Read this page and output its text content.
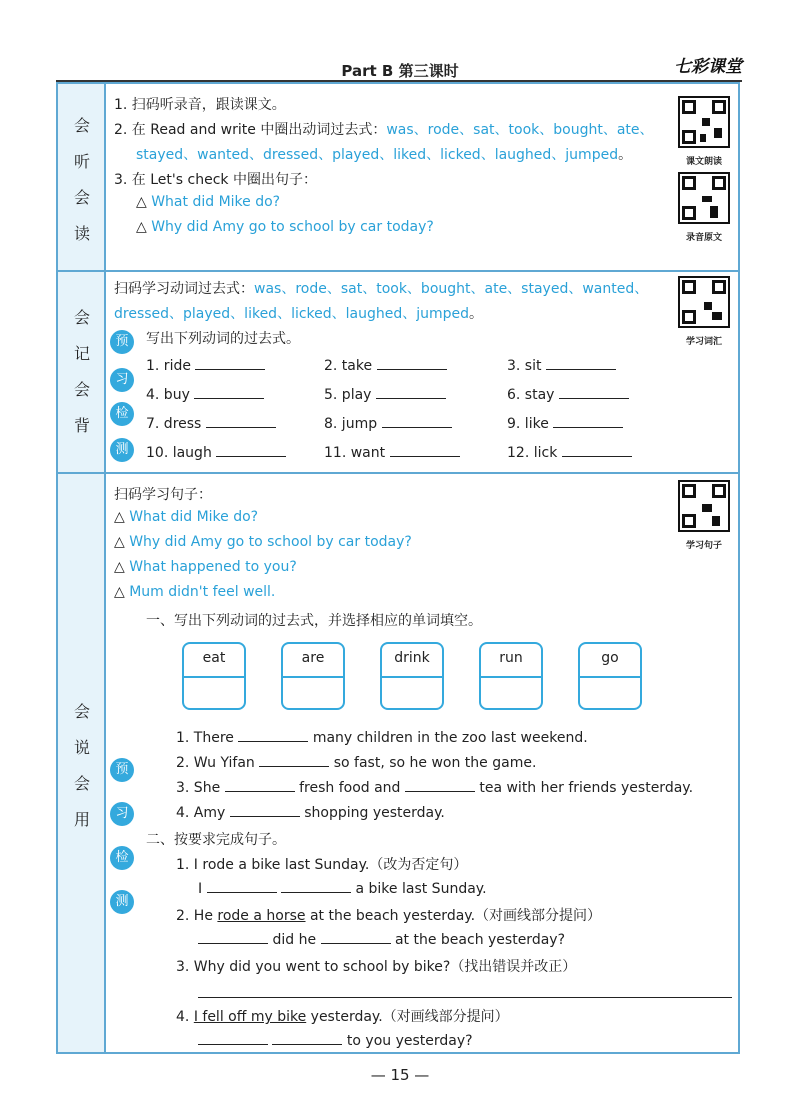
Part B 第三课时	七彩课堂
会
听
会
读
会
记
会
背
会
说
会
用
1. 扫码听录音，跟读课文。
2. 在 Read and write 中圈出动词过去式：was、rode、sat、took、bought、ate、
stayed、wanted、dressed、played、liked、licked、laughed、jumped。
3. 在 Let's check 中圈出句子：
△ What did Mike do?
△ Why did Amy go to school by car today?
课文朗读
录音原文
扫码学习动词过去式：was、rode、sat、took、bought、ate、stayed、wanted、
dressed、played、liked、licked、laughed、jumped。
写出下列动词的过去式。	学习词汇
预
习
检
测
1. ride	2. take	3. sit
4. buy	5. play	6. stay
7. dress	8. jump	9. like
10. laugh	11. want	12. lick
扫码学习句子：
△ What did Mike do?
△ Why did Amy go to school by car today?
△ What happened to you?
△ Mum didn't feel well.
学习句子
一、写出下列动词的过去式，并选择相应的单词填空。
eat	are	drink	run	go
预
习
检
测
1. There	many children in the zoo last weekend.
2. Wu Yifan	so fast, so he won the game.
3. She	fresh food and	tea with her friends yesterday.
4. Amy	shopping yesterday.
二、按要求完成句子。
1. I rode a bike last Sunday.（改为否定句）
I	a bike last Sunday.
2. He rode a horse at the beach yesterday.（对画线部分提问）
did he	at the beach yesterday?
3. Why did you went to school by bike?（找出错误并改正）
4. I fell off my bike yesterday.（对画线部分提问）
to you yesterday?
— 15 —
